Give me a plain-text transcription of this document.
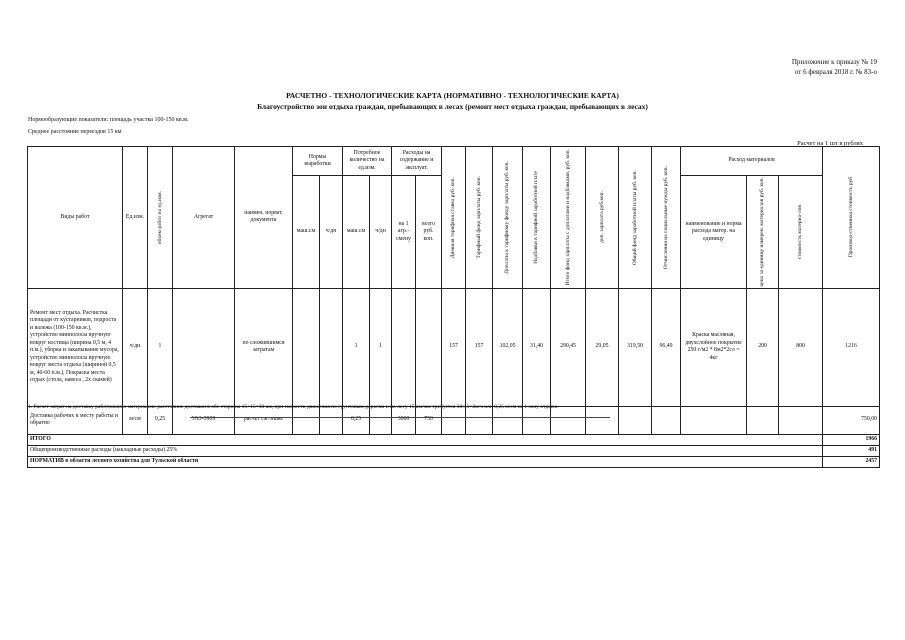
Приложение к приказу № 19
от 6 февраля 2018 г. № 83-о
РАСЧЕТНО - ТЕХНОЛОГИЧЕСКИЕ КАРТА (НОРМАТИВНО - ТЕХНОЛОГИЧЕСКИЕ КАРТА)
Благоустройство зон отдыха граждан, пребывающих в лесах (ремонт мест отдыха граждан, пребывающих в лесах)
Нормообразующие показатели: площадь участка 100-150 кв.м.
Среднее расстояние переездов 15 км
Расчет на 1 шт в рублях
Виды работ	Ед.изм.	объем работ на ед.изм.	Агрегат	наимен. норват. документа	Нормы выработки		Потребное количество на ед.изм.		Расходы на содержание и эксплуат.		Дневная тарифная ставка руб. коп.	Тарифный фонд зарплаты руб. коп.	Доплаты к тарифному фонду зарплаты руб. коп.	Надбавки к тарифной заработной плате	Итого фонд зарплаты с доплатами и надбавками, руб. коп.	доп. зарплата руб.коп.	Общий фонд заработной платы руб. коп.	Отчисления на социальные нужды руб. коп.	Расход материалов			Производ-ственная стоимость руб

					маш.см	ч/дн	маш.см	ч/дн	на 1 агр.-смену	всего руб. коп.									наименование и норма расхода матер. на единицу	цена за единицу измерен. материалов руб. коп.	стоимость материа-лов	

Ремонт мест отдыха. Расчистка площади от кустарников, подроста и валежа (100-150 кв.м.), устройство минполосы вручную вокруг костища (ширина 0,5 м, 4 п.м.), уборка и закапывание мусора, устройство минполосы вручную вокруг места отдыха (шириной 0,5 м, 40-60 п.м.), Покраска места отдых (стола, навеса , 2х скамей)	ч/дн	1		по сложившимся затратам			1	1			157	157	102,05	31,40	290,45	29,05	319,50	96,49	Краска масляная, двухслойное покрытие 250 г/м2 * 8м2*2сл = 4кг	200	800	1216
Доставка рабочих к месту работы и обратно	м/см	0,25	УАЗ-3909	расчет см. ниже			0,25		3000	750												750,00
ИТОГО																						1966
Общепроизводственные расходы (накладные расходы) 25%																						491
НОРМАТИВ в области лесного хозяйства для Тульской области																						2457
1. Расчет затрат на доставку работников и материалов: расстояние доставки в обе стороны 15+15=30 км, при скорости движения по грунтовым дорогам и по лесу 15 км/час требуется 30:15=2м/ч или 0,25 м/см на 1 зону отдыха
